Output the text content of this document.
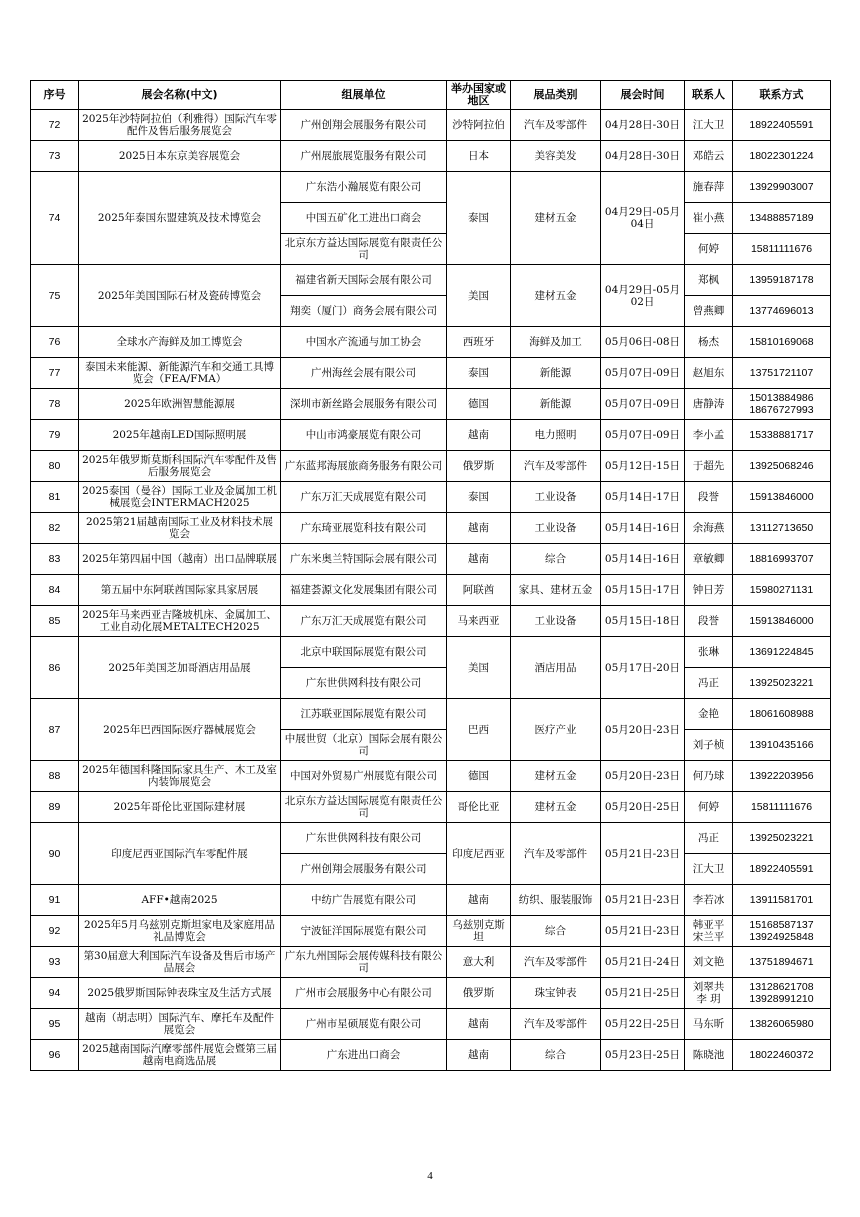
序号	展会名称(中文)	组展单位	举办国家或地区	展品类别	展会时间	联系人	联系方式
72	2025年沙特阿拉伯（利雅得）国际汽车零配件及售后服务展览会	广州创翔会展服务有限公司	沙特阿拉伯	汽车及零部件	04月28日-30日	江大卫	18922405591
73	2025日本东京美容展览会	广州展旅展览服务有限公司	日本	美容美发	04月28日-30日	邓皓云	18022301224
74	2025年泰国东盟建筑及技术博览会	广东浩小瀚展览有限公司	泰国	建材五金	04月29日-05月04日	施春萍	13929903007
		中国五矿化工进出口商会				崔小燕	13488857189
		北京东方益达国际展览有限责任公司				何婷	15811111676
75	2025年美国国际石材及瓷砖博览会	福建省新天国际会展有限公司	美国	建材五金	04月29日-05月02日	郑枫	13959187178
		翔奕（厦门）商务会展有限公司				曾燕卿	13774696013
76	全球水产海鲜及加工博览会	中国水产流通与加工协会	西班牙	海鲜及加工	05月06日-08日	杨杰	15810169068
77	泰国未来能源、新能源汽车和交通工具博览会（FEA/FMA）	广州海丝会展有限公司	泰国	新能源	05月07日-09日	赵旭东	13751721107
78	2025年欧洲智慧能源展	深圳市新丝路会展服务有限公司	德国	新能源	05月07日-09日	唐静涛	15013884986 18676727993
79	2025年越南LED国际照明展	中山市鸿豪展览有限公司	越南	电力照明	05月07日-09日	李小孟	15338881717
80	2025年俄罗斯莫斯科国际汽车零配件及售后服务展览会	广东蓝邦海展旅商务服务有限公司	俄罗斯	汽车及零部件	05月12日-15日	于超先	13925068246
81	2025泰国（曼谷）国际工业及金属加工机械展览会INTERMACH2025	广东万汇天成展览有限公司	泰国	工业设备	05月14日-17日	段誉	15913846000
82	2025第21届越南国际工业及材料技术展览会	广东琦亚展览科技有限公司	越南	工业设备	05月14日-16日	余海燕	13112713650
83	2025年第四届中国（越南）出口品牌联展	广东米奥兰特国际会展有限公司	越南	综合	05月14日-16日	章敏卿	18816993707
84	第五届中东阿联酋国际家具家居展	福建荟源文化发展集团有限公司	阿联酋	家具、建材五金	05月15日-17日	钟日芳	15980271131
85	2025年马来西亚吉隆坡机床、金属加工、工业自动化展METALTECH2025	广东万汇天成展览有限公司	马来西亚	工业设备	05月15日-18日	段誉	15913846000
86	2025年美国芝加哥酒店用品展	北京中联国际展览有限公司	美国	酒店用品	05月17日-20日	张琳	13691224845
		广东世供网科技有限公司				冯正	13925023221
87	2025年巴西国际医疗器械展览会	江苏联亚国际展览有限公司	巴西	医疗产业	05月20日-23日	金艳	18061608988
		中展世贸（北京）国际会展有限公司				刘子桢	13910435166
88	2025年德国科隆国际家具生产、木工及室内装饰展览会	中国对外贸易广州展览有限公司	德国	建材五金	05月20日-23日	何乃球	13922203956
89	2025年哥伦比亚国际建材展	北京东方益达国际展览有限责任公司	哥伦比亚	建材五金	05月20日-25日	何婷	15811111676
90	印度尼西亚国际汽车零配件展	广东世供网科技有限公司	印度尼西亚	汽车及零部件	05月21日-23日	冯正	13925023221
		广州创翔会展服务有限公司				江大卫	18922405591
91	AFF•越南2025	中纺广告展览有限公司	越南	纺织、服装服饰	05月21日-23日	李若冰	13911581701
92	2025年5月乌兹别克斯坦家电及家庭用品礼品博览会	宁波钲洋国际展览有限公司	乌兹别克斯坦	综合	05月21日-23日	韩亚平 宋兰平	15168587137 13924925848
93	第30届意大利国际汽车设备及售后市场产品展会	广东九州国际会展传媒科技有限公司	意大利	汽车及零部件	05月21日-24日	刘文艳	13751894671
94	2025俄罗斯国际钟表珠宝及生活方式展	广州市会展服务中心有限公司	俄罗斯	珠宝钟表	05月21日-25日	刘翠共 李 玥	13128621708 13928991210
95	越南（胡志明）国际汽车、摩托车及配件展览会	广州市星硕展览有限公司	越南	汽车及零部件	05月22日-25日	马东昕	13826065980
96	2025越南国际汽摩零部件展览会暨第三届越南电商选品展	广东进出口商会	越南	综合	05月23日-25日	陈晓池	18022460372
4
